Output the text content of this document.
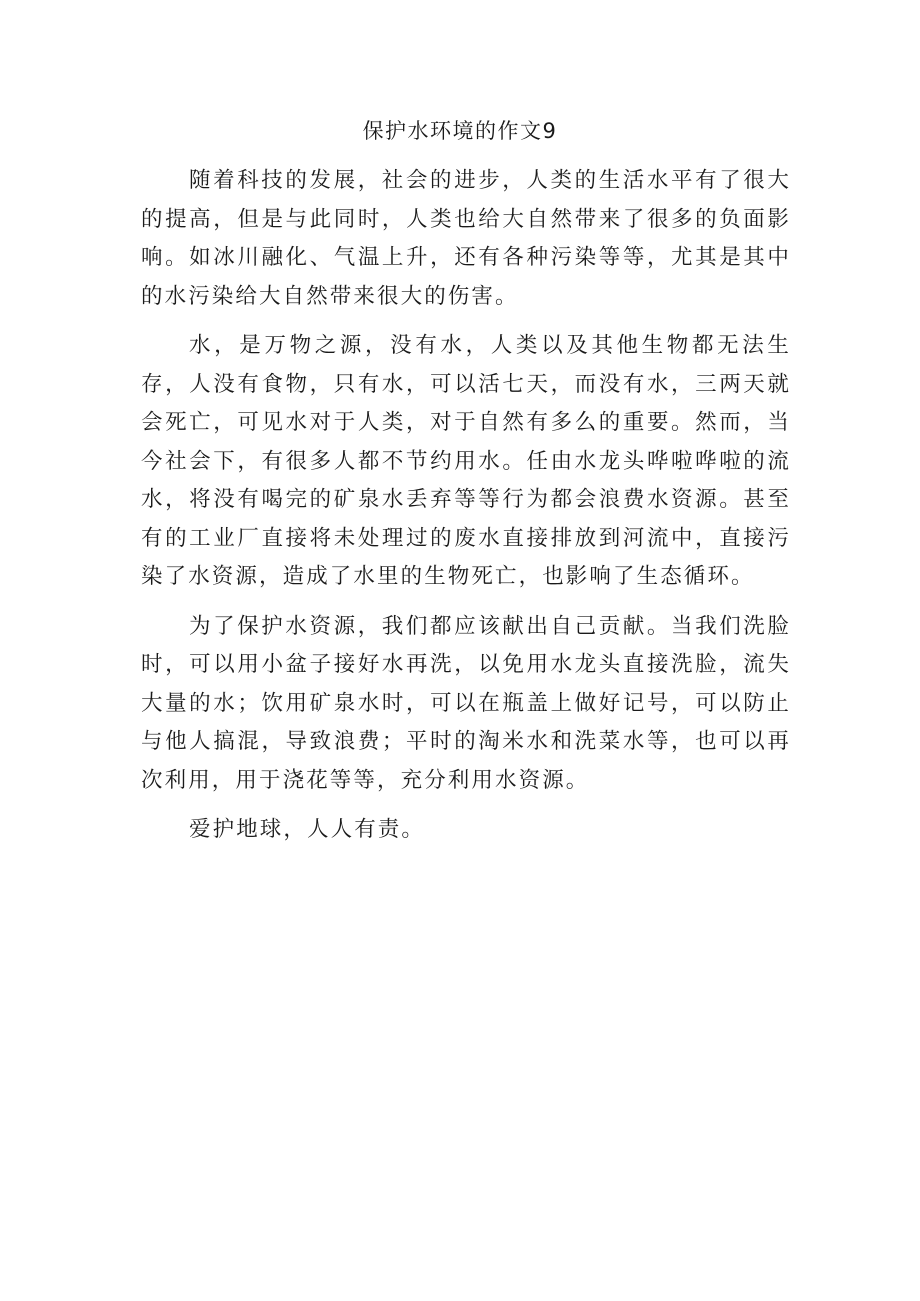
保护水环境的作文9

随着科技的发展，社会的进步，人类的生活水平有了很大的提高，但是与此同时，人类也给大自然带来了很多的负面影响。如冰川融化、气温上升，还有各种污染等等，尤其是其中的水污染给大自然带来很大的伤害。

水，是万物之源，没有水，人类以及其他生物都无法生存，人没有食物，只有水，可以活七天，而没有水，三两天就会死亡，可见水对于人类，对于自然有多么的重要。然而，当今社会下，有很多人都不节约用水。任由水龙头哗啦哗啦的流水，将没有喝完的矿泉水丢弃等等行为都会浪费水资源。甚至有的工业厂直接将未处理过的废水直接排放到河流中，直接污染了水资源，造成了水里的生物死亡，也影响了生态循环。

为了保护水资源，我们都应该献出自己贡献。当我们洗脸时，可以用小盆子接好水再洗，以免用水龙头直接洗脸，流失大量的水；饮用矿泉水时，可以在瓶盖上做好记号，可以防止与他人搞混，导致浪费；平时的淘米水和洗菜水等，也可以再次利用，用于浇花等等，充分利用水资源。

爱护地球，人人有责。
